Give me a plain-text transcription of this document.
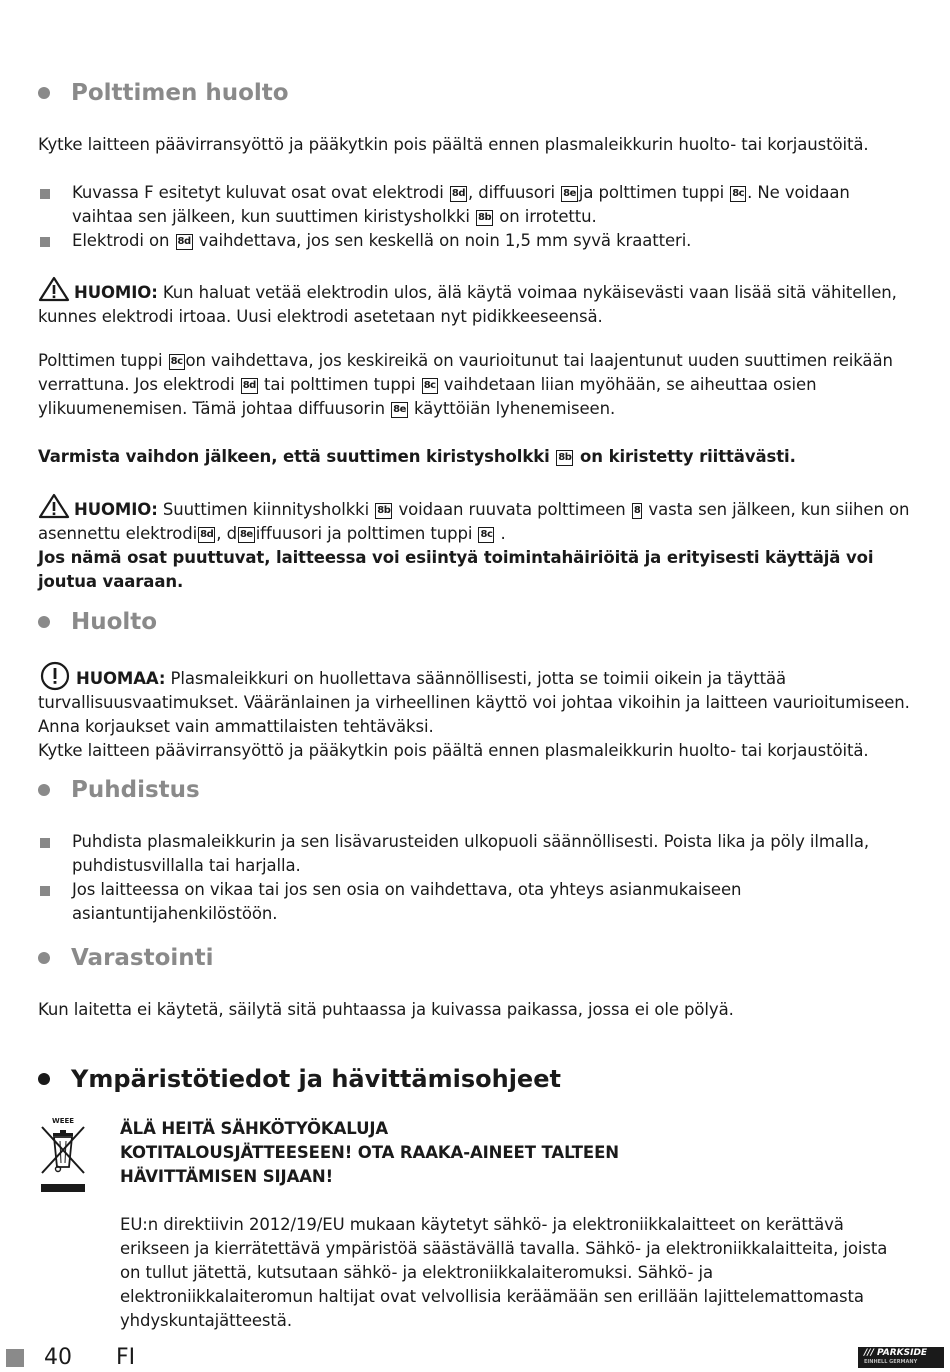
Polttimen huolto

Kytke laitteen päävirransyöttö ja pääkytkin pois päältä ennen plasmaleikkurin huolto- tai korjaustöitä.

Kuvassa F esitetyt kuluvat osat ovat elektrodi 8d , diffuusori 8e ja polttimen tuppi 8c . Ne voidaan vaihtaa sen jälkeen, kun suuttimen kiristysholkki 8b on irrotettu.

Elektrodi on 8d vaihdettava, jos sen keskellä on noin 1,5 mm syvä kraatteri.

HUOMIO: Kun haluat vetää elektrodin ulos, älä käytä voimaa nykäisevästi vaan lisää sitä vähitellen, kunnes elektrodi irtoaa. Uusi elektrodi asetetaan nyt pidikkeeseensä.

Polttimen tuppi 8c on vaihdettava, jos keskireikä on vaurioitunut tai laajentunut uuden suuttimen reikään verrattuna. Jos elektrodi 8d tai polttimen tuppi 8c vaihdetaan liian myöhään, se aiheuttaa osien ylikuumenemisen. Tämä johtaa diffuusorin 8e käyttöiän lyhenemiseen.

Varmista vaihdon jälkeen, että suuttimen kiristysholkki 8b on kiristetty riittävästi.

HUOMIO: Suuttimen kiinnitysholkki 8b voidaan ruuvata polttimeen 8 vasta sen jälkeen, kun siihen on asennettu elektrodi 8d , d 8e iffuusori ja polttimen tuppi 8c .

Jos nämä osat puuttuvat, laitteessa voi esiintyä toimintahäiriöitä ja erityisesti käyttäjä voi joutua vaaraan.

Huolto

HUOMAA: Plasmaleikkuri on huollettava säännöllisesti, jotta se toimii oikein ja täyttää turvallisuusvaatimukset. Vääränlainen ja virheellinen käyttö voi johtaa vikoihin ja laitteen vaurioitumiseen. Anna korjaukset vain ammattilaisten tehtäväksi.

Kytke laitteen päävirransyöttö ja pääkytkin pois päältä ennen plasmaleikkurin huolto- tai korjaustöitä.

Puhdistus

Puhdista plasmaleikkurin ja sen lisävarusteiden ulkopuoli säännöllisesti. Poista lika ja pöly ilmalla, puhdistusvillalla tai harjalla.

Jos laitteessa on vikaa tai jos sen osia on vaihdettava, ota yhteys asianmukaiseen asiantuntijahenkilöstöön.

Varastointi

Kun laitetta ei käytetä, säilytä sitä puhtaassa ja kuivassa paikassa, jossa ei ole pölyä.

Ympäristötiedot ja hävittämisohjeet
WEEE	ÄLÄ HEITÄ SÄHKÖTYÖKALUJA
KOTITALOUSJÄTTEESEEN! OTA RAAKA-AINEET TALTEEN
HÄVITTÄMISEN SIJAAN!

EU:n direktiivin 2012/19/EU mukaan käytetyt sähkö- ja elektroniikkalaitteet on kerättävä erikseen ja kierrätettävä ympäristöä säästävällä tavalla. Sähkö- ja elektroniikkalaitteita, joista on tullut jätettä, kutsutaan sähkö- ja elektroniikkalaiteromuksi. Sähkö- ja elektroniikkalaiteromun haltijat ovat velvollisia keräämään sen erillään lajittelemattomasta yhdyskuntajätteestä.

40 FI	/// PARKSIDE
EINHELL GERMANY
